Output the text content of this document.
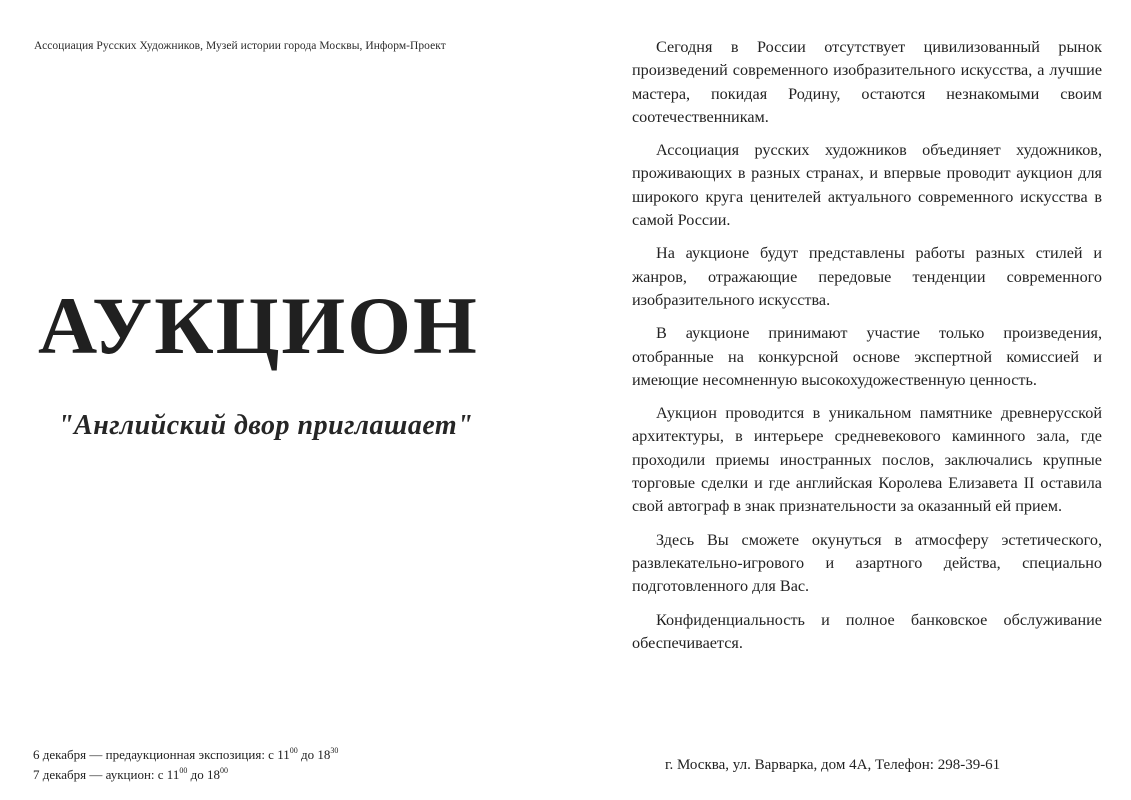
Ассоциация Русских Художников, Музей истории города Москвы, Информ-Проект
АУКЦИОН
"Английский двор приглашает"
6 декабря — предаукционная экспозиция: с $11^{00}$ до $18^{30}$
7 декабря — аукцион: с $11^{00}$ до $18^{00}$

Сегодня в России отсутствует цивилизованный рынок произведений современного изобразительного искусства, а лучшие мастера, покидая Родину, остаются незнакомыми своим соотечественникам.

Ассоциация русских художников объединяет художников, проживающих в разных странах, и впервые проводит аукцион для широкого круга ценителей актуального современного искусства в самой России.

На аукционе будут представлены работы разных стилей и жанров, отражающие передовые тенденции современного изобразительного искусства.

В аукционе принимают участие только произведения, отобранные на конкурсной основе экспертной комиссией и имеющие несомненную высокохудожественную ценность.

Аукцион проводится в уникальном памятнике древнерусской архитектуры, в интерьере средневекового каминного зала, где проходили приемы иностранных послов, заключались крупные торговые сделки и где английская Королева Елизавета II оставила свой автограф в знак признательности за оказанный ей прием.

Здесь Вы сможете окунуться в атмосферу эстетического, развлекательно-игрового и азартного действа, специально подготовленного для Вас.

Конфиденциальность и полное банковское обслуживание обеспечивается.

г. Москва, ул. Варварка, дом 4А, Телефон: 298-39-61
